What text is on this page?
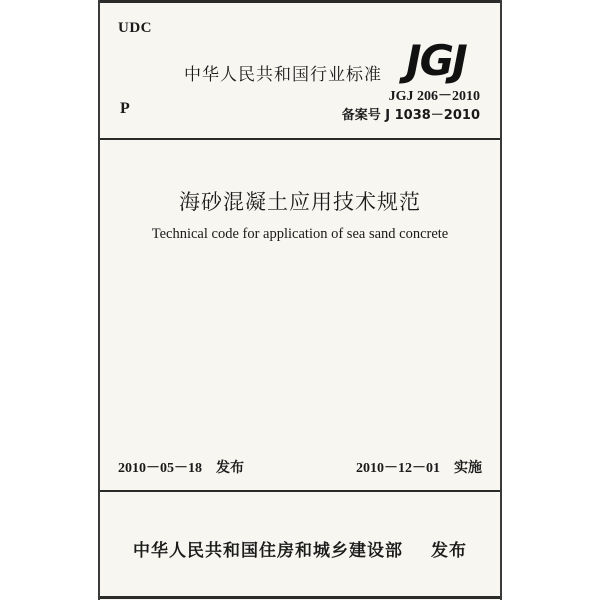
UDC
中华人民共和国行业标准 JGJ
P
JGJ 206－2010
备案号 J 1038－2010
海砂混凝土应用技术规范
Technical code for application of sea sand concrete
2010－05－18 发布	2010－12－01 实施
中华人民共和国住房和城乡建设部 发布
